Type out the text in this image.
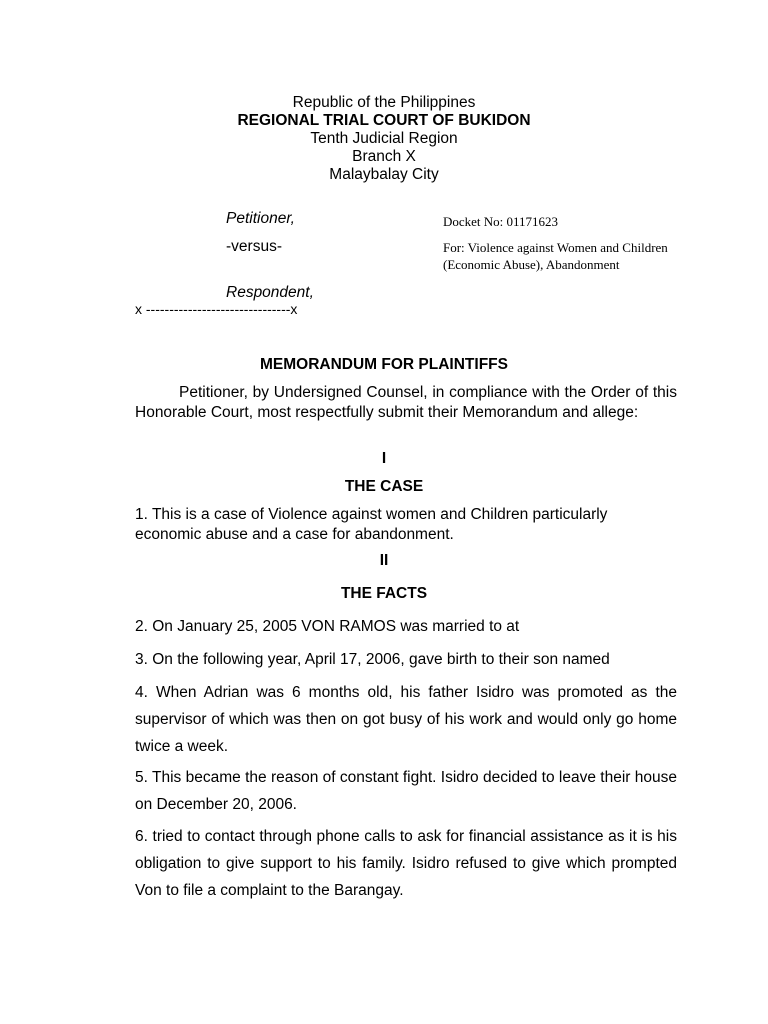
Republic of the Philippines
REGIONAL TRIAL COURT OF BUKIDON
Tenth Judicial Region
Branch X
Malaybalay City
Petitioner,
-versus-
Respondent,
x -------------------------------x
Docket No: 01171623
For: Violence against Women and Children (Economic Abuse), Abandonment
MEMORANDUM FOR PLAINTIFFS
Petitioner, by Undersigned Counsel, in compliance with the Order of this Honorable Court, most respectfully submit their Memorandum and allege:
I
THE CASE
1. This is a case of Violence against women and Children particularly economic abuse and a case for abandonment.
II
THE FACTS
2. On January 25, 2005 VON RAMOS was married to at
3. On the following year, April 17, 2006, gave birth to their son named
4. When Adrian was 6 months old, his father Isidro was promoted as the supervisor of which was then on got busy of his work and would only go home twice a week.
5. This became the reason of constant fight. Isidro decided to leave their house on December 20, 2006.
6. tried to contact through phone calls to ask for financial assistance as it is his obligation to give support to his family. Isidro refused to give which prompted Von to file a complaint to the Barangay.
